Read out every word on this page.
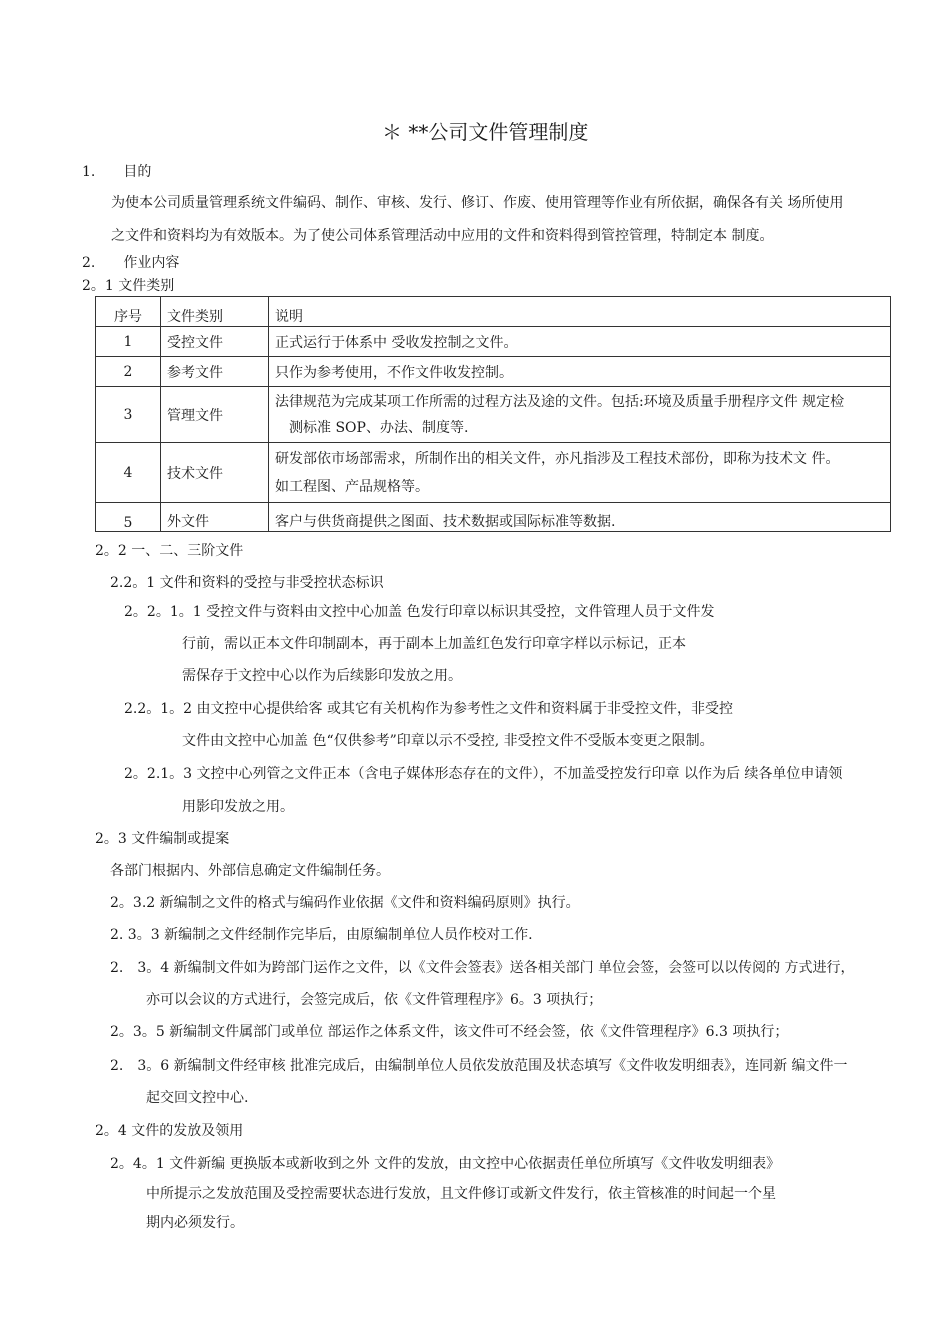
＊ **公司文件管理制度
1.　　目的
为使本公司质量管理系统文件编码、制作、审核、发行、修订、作废、使用管理等作业有所依据，确保各有关 场所使用
之文件和资料均为有效版本。为了使公司体系管理活动中应用的文件和资料得到管控管理，特制定本 制度。
2.　　作业内容
2。1 文件类别
序号	文件类别	说明
1	受控文件	正式运行于体系中 受收发控制之文件。
2	参考文件	只作为参考使用，不作文件收发控制。
3	管理文件	法律规范为完成某项工作所需的过程方法及途的文件。包括:环境及质量手册程序文件 规定检
测标准 SOP、办法、制度等.

4	技术文件	研发部依市场部需求，所制作出的相关文件，亦凡指涉及工程技术部份，即称为技术文 件。
如工程图、产品规格等。

5	外文件	客户与供货商提供之图面、技术数据或国际标准等数据.
2。2 一、二、三阶文件
2.2。1 文件和资料的受控与非受控状态标识
2。2。1。1 受控文件与资料由文控中心加盖 色发行印章以标识其受控，文件管理人员于文件发
行前，需以正本文件印制副本，再于副本上加盖红色发行印章字样以示标记，正本
需保存于文控中心以作为后续影印发放之用。
2.2。1。2 由文控中心提供给客 或其它有关机构作为参考性之文件和资料属于非受控文件，非受控
文件由文控中心加盖 色“仅供参考”印章以示不受控, 非受控文件不受版本变更之限制。
2。2.1。3 文控中心列管之文件正本（含电子媒体形态存在的文件），不加盖受控发行印章 以作为后 续各单位申请领
用影印发放之用。
2。3 文件编制或提案
各部门根据内、外部信息确定文件编制任务。
2。3.2 新编制之文件的格式与编码作业依据《文件和资料编码原则》执行。
2. 3。3 新编制之文件经制作完毕后，由原编制单位人员作校对工作.
2.　3。4 新编制文件如为跨部门运作之文件，以《文件会签表》送各相关部门 单位会签，会签可以以传阅的 方式进行，
亦可以会议的方式进行，会签完成后，依《文件管理程序》6。3 项执行；
2。3。5 新编制文件属部门或单位 部运作之体系文件，该文件可不经会签，依《文件管理程序》6.3 项执行；
2.　3。6 新编制文件经审核 批准完成后，由编制单位人员依发放范围及状态填写《文件收发明细表》，连同新 编文件一
起交回文控中心.
2。4 文件的发放及领用
2。4。1 文件新编 更换版本或新收到之外 文件的发放，由文控中心依据责任单位所填写《文件收发明细表》
中所提示之发放范围及受控需要状态进行发放，且文件修订或新文件发行，依主管核准的时间起一个星
期内必须发行。
